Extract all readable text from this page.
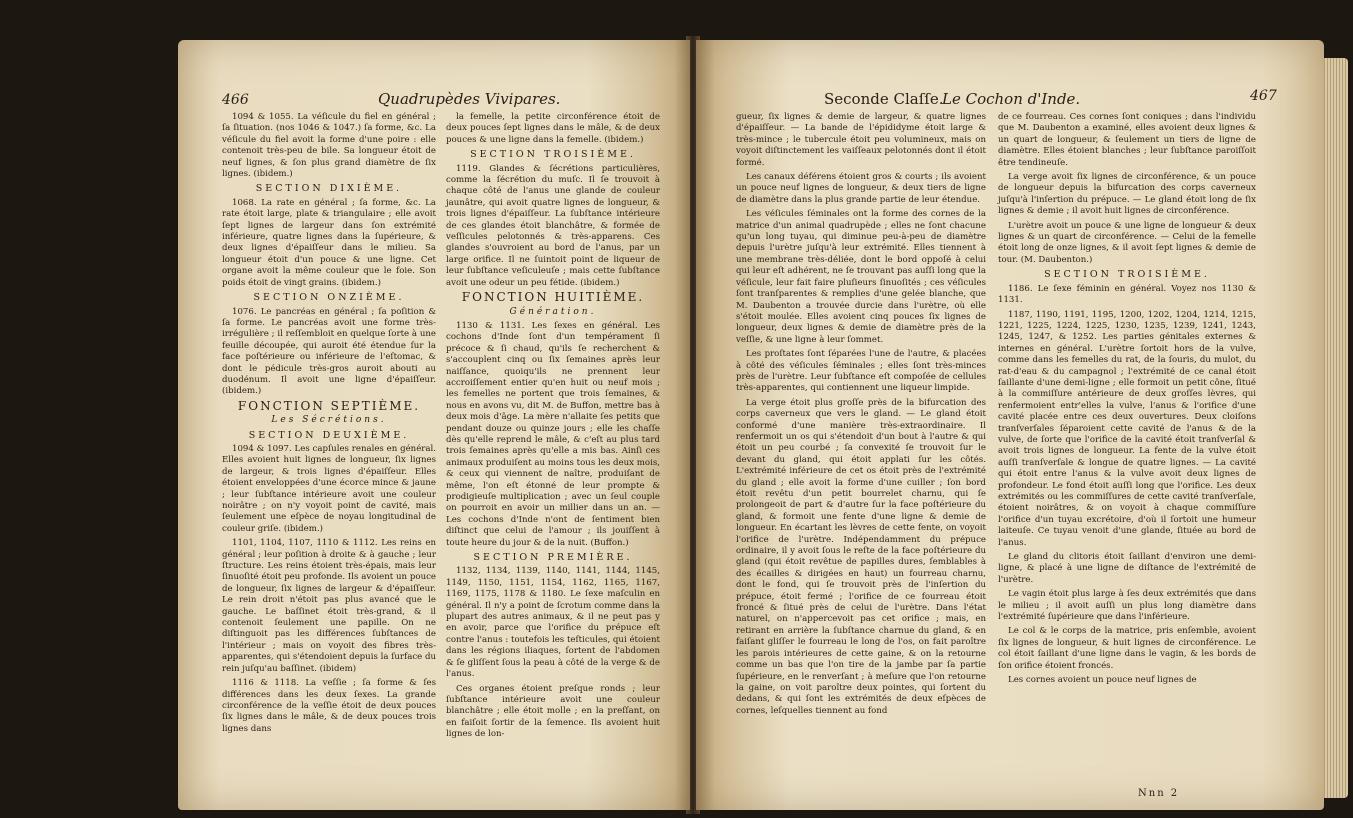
466	Quadrupèdes Vivipares.

1094 & 1055. La véſicule du fiel en général ; ſa ſituation. (nos 1046 & 1047.) ſa forme, &c. La véſicule du fiel avoit la forme d'une poire : elle contenoit très-peu de bile. Sa longueur étoit de neuf lignes, & ſon plus grand diamètre de ſix lignes. (ibidem.)

SECTION DIXIÈME.

1068. La rate en général ; ſa forme, &c. La rate étoit large, plate & triangulaire ; elle avoit ſept lignes de largeur dans ſon extrémité inférieure, quatre lignes dans la ſupérieure, & deux lignes d'épaiſſeur dans le milieu. Sa longueur étoit d'un pouce & une ligne. Cet organe avoit la même couleur que le foie. Son poids étoit de vingt grains. (ibidem.)

SECTION ONZIÈME.

1076. Le pancréas en général ; ſa poſition & ſa forme. Le pancréas avoit une forme très-irrégulière ; il reſſembloit en quelque ſorte à une feuille découpée, qui auroit été étendue ſur la face poſtérieure ou inférieure de l'eſtomac, & dont le pédicule très-gros auroit abouti au duodénum. Il avoit une ligne d'épaiſſeur. (ibidem.)

FONCTION SEPTIÈME.

Les Sécrétions.

SECTION DEUXIÈME.

1094 & 1097. Les capſules renales en général. Elles avoient huit lignes de longueur, ſix lignes de largeur, & trois lignes d'épaiſſeur. Elles étoient enveloppées d'une écorce mince & jaune ; leur ſubſtance intérieure avoit une couleur noirâtre ; on n'y voyoit point de cavité, mais ſeulement une eſpèce de noyau longitudinal de couleur griſe. (ibidem.)

1101, 1104, 1107, 1110 & 1112. Les reins en général ; leur poſition à droite & à gauche ; leur ſtructure. Les reins étoient très-épais, mais leur ſinuoſité étoit peu profonde. Ils avoient un pouce de longueur, ſix lignes de largeur & d'épaiſſeur. Le rein droit n'étoit pas plus avancé que le gauche. Le baſſinet étoit très-grand, & il contenoit ſeulement une papille. On ne diſtinguoit pas les différences ſubſtances de l'intérieur ; mais on voyoit des fibres très-apparentes, qui s'étendoient depuis la ſurface du rein juſqu'au baſſinet. (ibidem)

1116 & 1118. La veſſie ; ſa forme & ſes différences dans les deux ſexes. La grande circonférence de la veſſie étoit de deux pouces ſix lignes dans le mâle, & de deux pouces trois lignes dans

la femelle, la petite circonférence étoit de deux pouces ſept lignes dans le mâle, & de deux pouces & une ligne dans la femelle. (ibidem.)

SECTION TROISIÈME.

1119. Glandes & ſécrétions particulières, comme la ſécrétion du muſc. Il ſe trouvoit à chaque côté de l'anus une glande de couleur jaunâtre, qui avoit quatre lignes de longueur, & trois lignes d'épaiſſeur. La ſubſtance intérieure de ces glandes étoit blanchâtre, & formée de veſſicules pelotonnés & très-apparens. Ces glandes s'ouvroient au bord de l'anus, par un large orifice. Il ne ſuintoit point de liqueur de leur ſubſtance veſiculeuſe ; mais cette ſubſtance avoit une odeur un peu fétide. (ibidem.)

FONCTION HUITIÈME.

Génération.

1130 & 1131. Les ſexes en général. Les cochons d'Inde ſont d'un tempérament ſi précoce & ſi chaud, qu'ils ſe recherchent & s'accouplent cinq ou ſix ſemaines après leur naiſſance, quoiqu'ils ne prennent leur accroiſſement entier qu'en huit ou neuf mois ; les femelles ne portent que trois ſemaines, & nous en avons vu, dit M. de Buffon, mettre bas à deux mois d'âge. La mère n'allaite ſes petits que pendant douze ou quinze jours ; elle les chaſſe dès qu'elle reprend le mâle, & c'eſt au plus tard trois ſemaines après qu'elle a mis bas. Ainſi ces animaux produiſent au moins tous les deux mois, & ceux qui viennent de naître, produiſant de même, l'on eſt étonné de leur prompte & prodigieuſe multiplication ; avec un ſeul couple on pourroit en avoir un millier dans un an. — Les cochons d'Inde n'ont de ſentiment bien diſtinct que celui de l'amour ; ils jouiſſent à toute heure du jour & de la nuit. (Buffon.)

SECTION PREMIÈRE.

1132, 1134, 1139, 1140, 1141, 1144, 1145, 1149, 1150, 1151, 1154, 1162, 1165, 1167, 1169, 1175, 1178 & 1180. Le ſexe maſculin en général. Il n'y a point de ſcrotum comme dans la plupart des autres animaux, & il ne peut pas y en avoir, parce que l'orifice du prépuce eſt contre l'anus : toutefois les teſticules, qui étoient dans les régions iliaques, ſortent de l'abdomen & ſe gliſſent ſous la peau à côté de la verge & de l'anus.

Ces organes étoient preſque ronds ; leur ſubſtance intérieure avoit une couleur blanchâtre ; elle étoit molle ; en la preſſant, on en faiſoit ſortir de la ſemence. Ils avoient huit lignes de lon-

Seconde Claſſe.
Le Cochon d'Inde.	467

gueur, ſix lignes & demie de largeur, & quatre lignes d'épaiſſeur. — La bande de l'épididyme étoit large & très-mince ; le tubercule étoit peu volumineux, mais on voyoit diſtinctement les vaiſſeaux pelotonnés dont il étoit formé.

Les canaux déférens étoient gros & courts ; ils avoient un pouce neuf lignes de longueur, & deux tiers de ligne de diamètre dans la plus grande partie de leur étendue.

Les véſicules ſéminales ont la forme des cornes de la matrice d'un animal quadrupède ; elles ne ſont chacune qu'un long tuyau, qui diminue peu-à-peu de diamètre depuis l'urètre juſqu'à leur extrémité. Elles tiennent à une membrane très-déliée, dont le bord oppoſé à celui qui leur eſt adhérent, ne ſe trouvant pas auſſi long que la véſicule, leur fait faire pluſieurs ſinuoſités ; ces véſicules ſont tranſparentes & remplies d'une gelée blanche, que M. Daubenton a trouvée durcie dans l'urètre, où elle s'étoit moulée. Elles avoient cinq pouces ſix lignes de longueur, deux lignes & demie de diamètre près de la veſſie, & une ligne à leur ſommet.

Les proſtates ſont ſéparées l'une de l'autre, & placées à côté des véſicules ſéminales ; elles ſont très-minces près de l'urètre. Leur ſubſtance eſt compoſée de cellules très-apparentes, qui contiennent une liqueur limpide.

La verge étoit plus groſſe près de la bifurcation des corps caverneux que vers le gland. — Le gland étoit conformé d'une manière très-extraordinaire. Il renfermoit un os qui s'étendoit d'un bout à l'autre & qui étoit un peu courbé ; ſa convexité ſe trouvoit ſur le devant du gland, qui étoit applati ſur les côtés. L'extrémité inférieure de cet os étoit près de l'extrémité du gland ; elle avoit la forme d'une cuiller ; ſon bord étoit revêtu d'un petit bourrelet charnu, qui ſe prolongeoit de part & d'autre ſur la face poſtérieure du gland, & formoit une fente d'une ligne & demie de longueur. En écartant les lèvres de cette fente, on voyoit l'orifice de l'urètre. Indépendamment du prépuce ordinaire, il y avoit ſous le reſte de la face poſtérieure du gland (qui étoit revêtue de papilles dures, ſemblables à des écailles & dirigées en haut) un fourreau charnu, dont le fond, qui ſe trouvoit près de l'inſertion du prépuce, étoit fermé ; l'orifice de ce fourreau étoit froncé & ſitué près de celui de l'urètre. Dans l'état naturel, on n'appercevoit pas cet orifice ; mais, en retirant en arrière la ſubſtance charnue du gland, & en faiſant gliſſer le fourreau le long de l'os, on fait paroître les parois intérieures de cette gaine, & on la retourne comme un bas que l'on tire de la jambe par ſa partie ſupérieure, en le renverſant ; à meſure que l'on retourne la gaine, on voit paroître deux pointes, qui ſortent du dedans, & qui ſont les extrémités de deux eſpèces de cornes, leſquelles tiennent au fond

de ce fourreau. Ces cornes ſont coniques ; dans l'individu que M. Daubenton a examiné, elles avoient deux lignes & un quart de longueur, & ſeulement un tiers de ligne de diamètre. Elles étoient blanches ; leur ſubſtance paroiſſoit être tendineuſe.

La verge avoit ſix lignes de circonférence, & un pouce de longueur depuis la bifurcation des corps caverneux juſqu'à l'inſertion du prépuce. — Le gland étoit long de ſix lignes & demie ; il avoit huit lignes de circonférence.

L'urètre avoit un pouce & une ligne de longueur & deux lignes & un quart de circonférence. — Celui de la femelle étoit long de onze lignes, & il avoit ſept lignes & demie de tour. (M. Daubenton.)

SECTION TROISIÈME.

1186. Le ſexe féminin en général. Voyez nos 1130 & 1131.

1187, 1190, 1191, 1195, 1200, 1202, 1204, 1214, 1215, 1221, 1225, 1224, 1225, 1230, 1235, 1239, 1241, 1243, 1245, 1247, & 1252. Les parties génitales externes & internes en général. L'urètre ſortoit hors de la vulve, comme dans les femelles du rat, de la ſouris, du mulot, du rat-d'eau & du campagnol ; l'extrémité de ce canal étoit ſaillante d'une demi-ligne ; elle formoit un petit cône, ſitué à la commiſſure antérieure de deux groſſes lèvres, qui renfermoient entr'elles la vulve, l'anus & l'orifice d'une cavité placée entre ces deux ouvertures. Deux cloiſons tranſverſales ſéparoient cette cavité de l'anus & de la vulve, de ſorte que l'orifice de la cavité étoit tranſverſal & avoit trois lignes de longueur. La fente de la vulve étoit auſſi tranſverſale & longue de quatre lignes. — La cavité qui étoit entre l'anus & la vulve avoit deux lignes de profondeur. Le fond étoit auſſi long que l'orifice. Les deux extrémités ou les commiſſures de cette cavité tranſverſale, étoient noirâtres, & on voyoit à chaque commiſſure l'orifice d'un tuyau excrétoire, d'où il ſortoit une humeur laiteuſe. Ce tuyau venoit d'une glande, ſituée au bord de l'anus.

Le gland du clitoris étoit ſaillant d'environ une demi-ligne, & placé à une ligne de diſtance de l'extrémité de l'urètre.

Le vagin étoit plus large à ſes deux extrémités que dans le milieu ; il avoit auſſi un plus long diamètre dans l'extrémité ſupérieure que dans l'inférieure.

Le col & le corps de la matrice, pris enſemble, avoient ſix lignes de longueur, & huit lignes de circonférence. Le col étoit ſaillant d'une ligne dans le vagin, & les bords de ſon orifice étoient froncés.

Les cornes avoient un pouce neuf lignes de

Nnn 2
